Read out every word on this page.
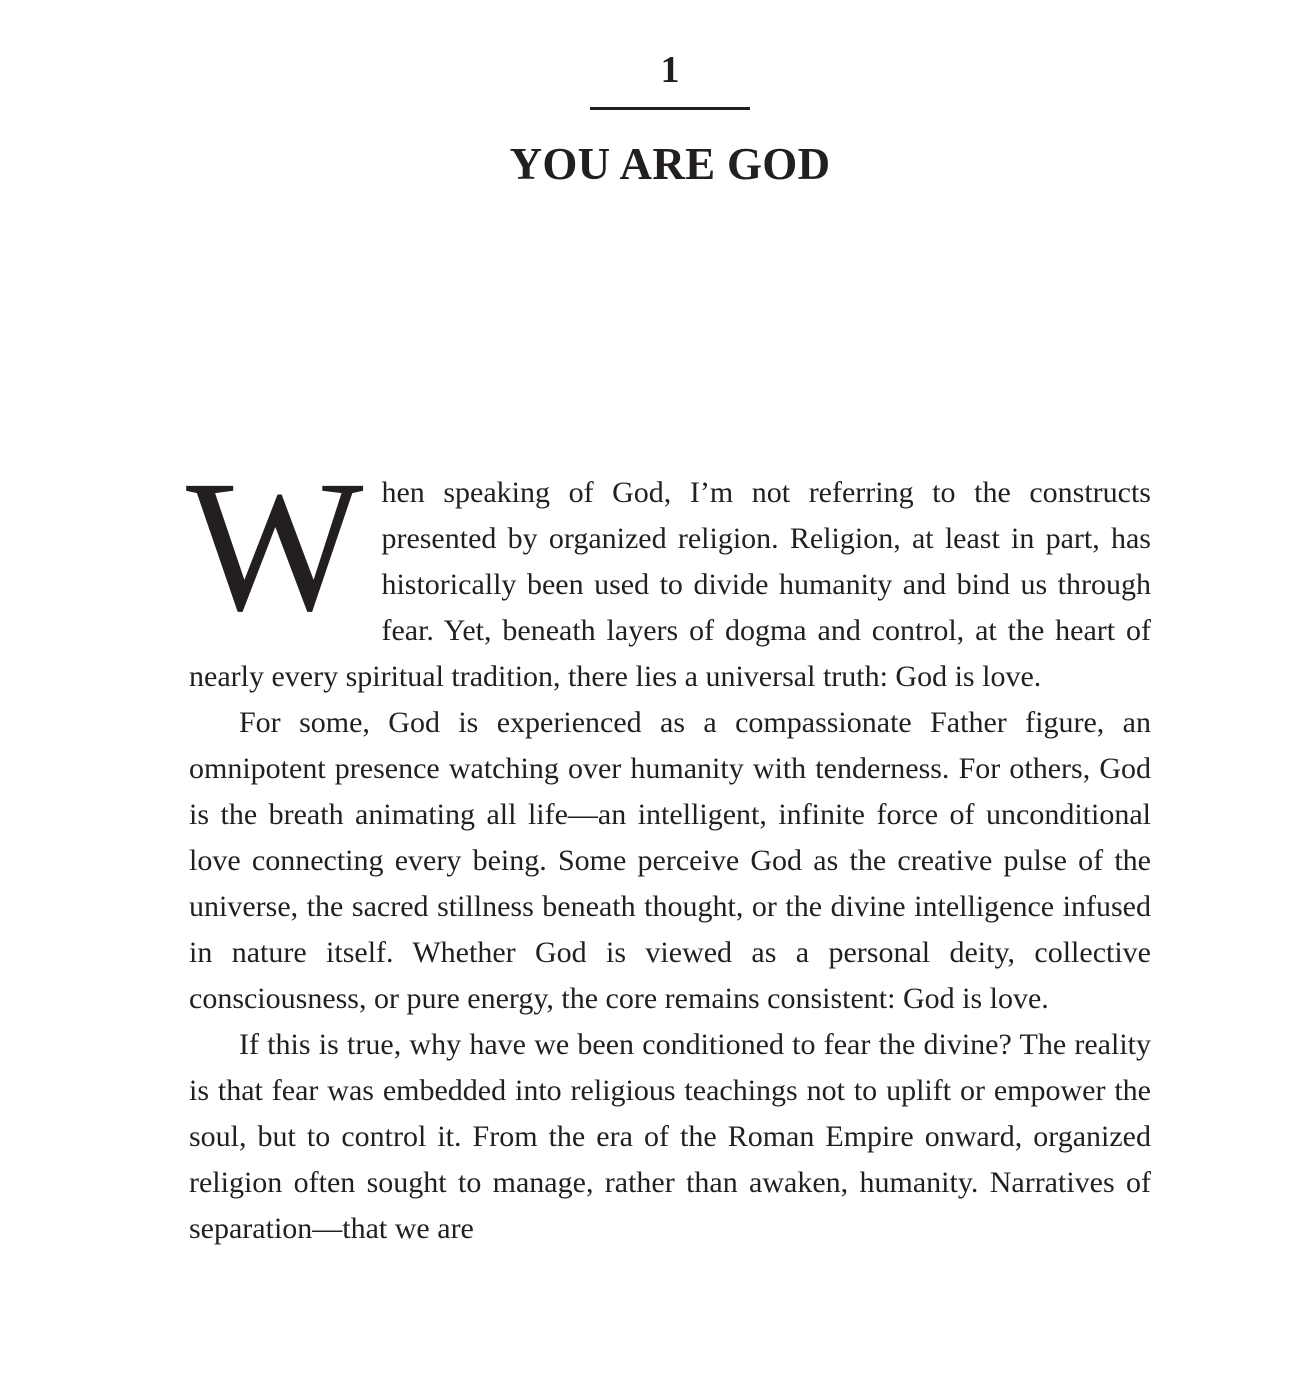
1
YOU ARE GOD

When speaking of God, I’m not referring to the constructs presented by organized religion. Religion, at least in part, has historically been used to divide humanity and bind us through fear. Yet, beneath layers of dogma and control, at the heart of nearly every spiritual tradition, there lies a universal truth: God is love.

For some, God is experienced as a compassionate Father figure, an omnipotent presence watching over humanity with tenderness. For others, God is the breath animating all life—an intelligent, infinite force of unconditional love connecting every being. Some perceive God as the creative pulse of the universe, the sacred stillness beneath thought, or the divine intelligence infused in nature itself. Whether God is viewed as a personal deity, collective consciousness, or pure energy, the core remains consistent: God is love.

If this is true, why have we been conditioned to fear the divine? The reality is that fear was embedded into religious teachings not to uplift or empower the soul, but to control it. From the era of the Roman Empire onward, organized religion often sought to manage, rather than awaken, humanity. Narratives of separation—that we are
